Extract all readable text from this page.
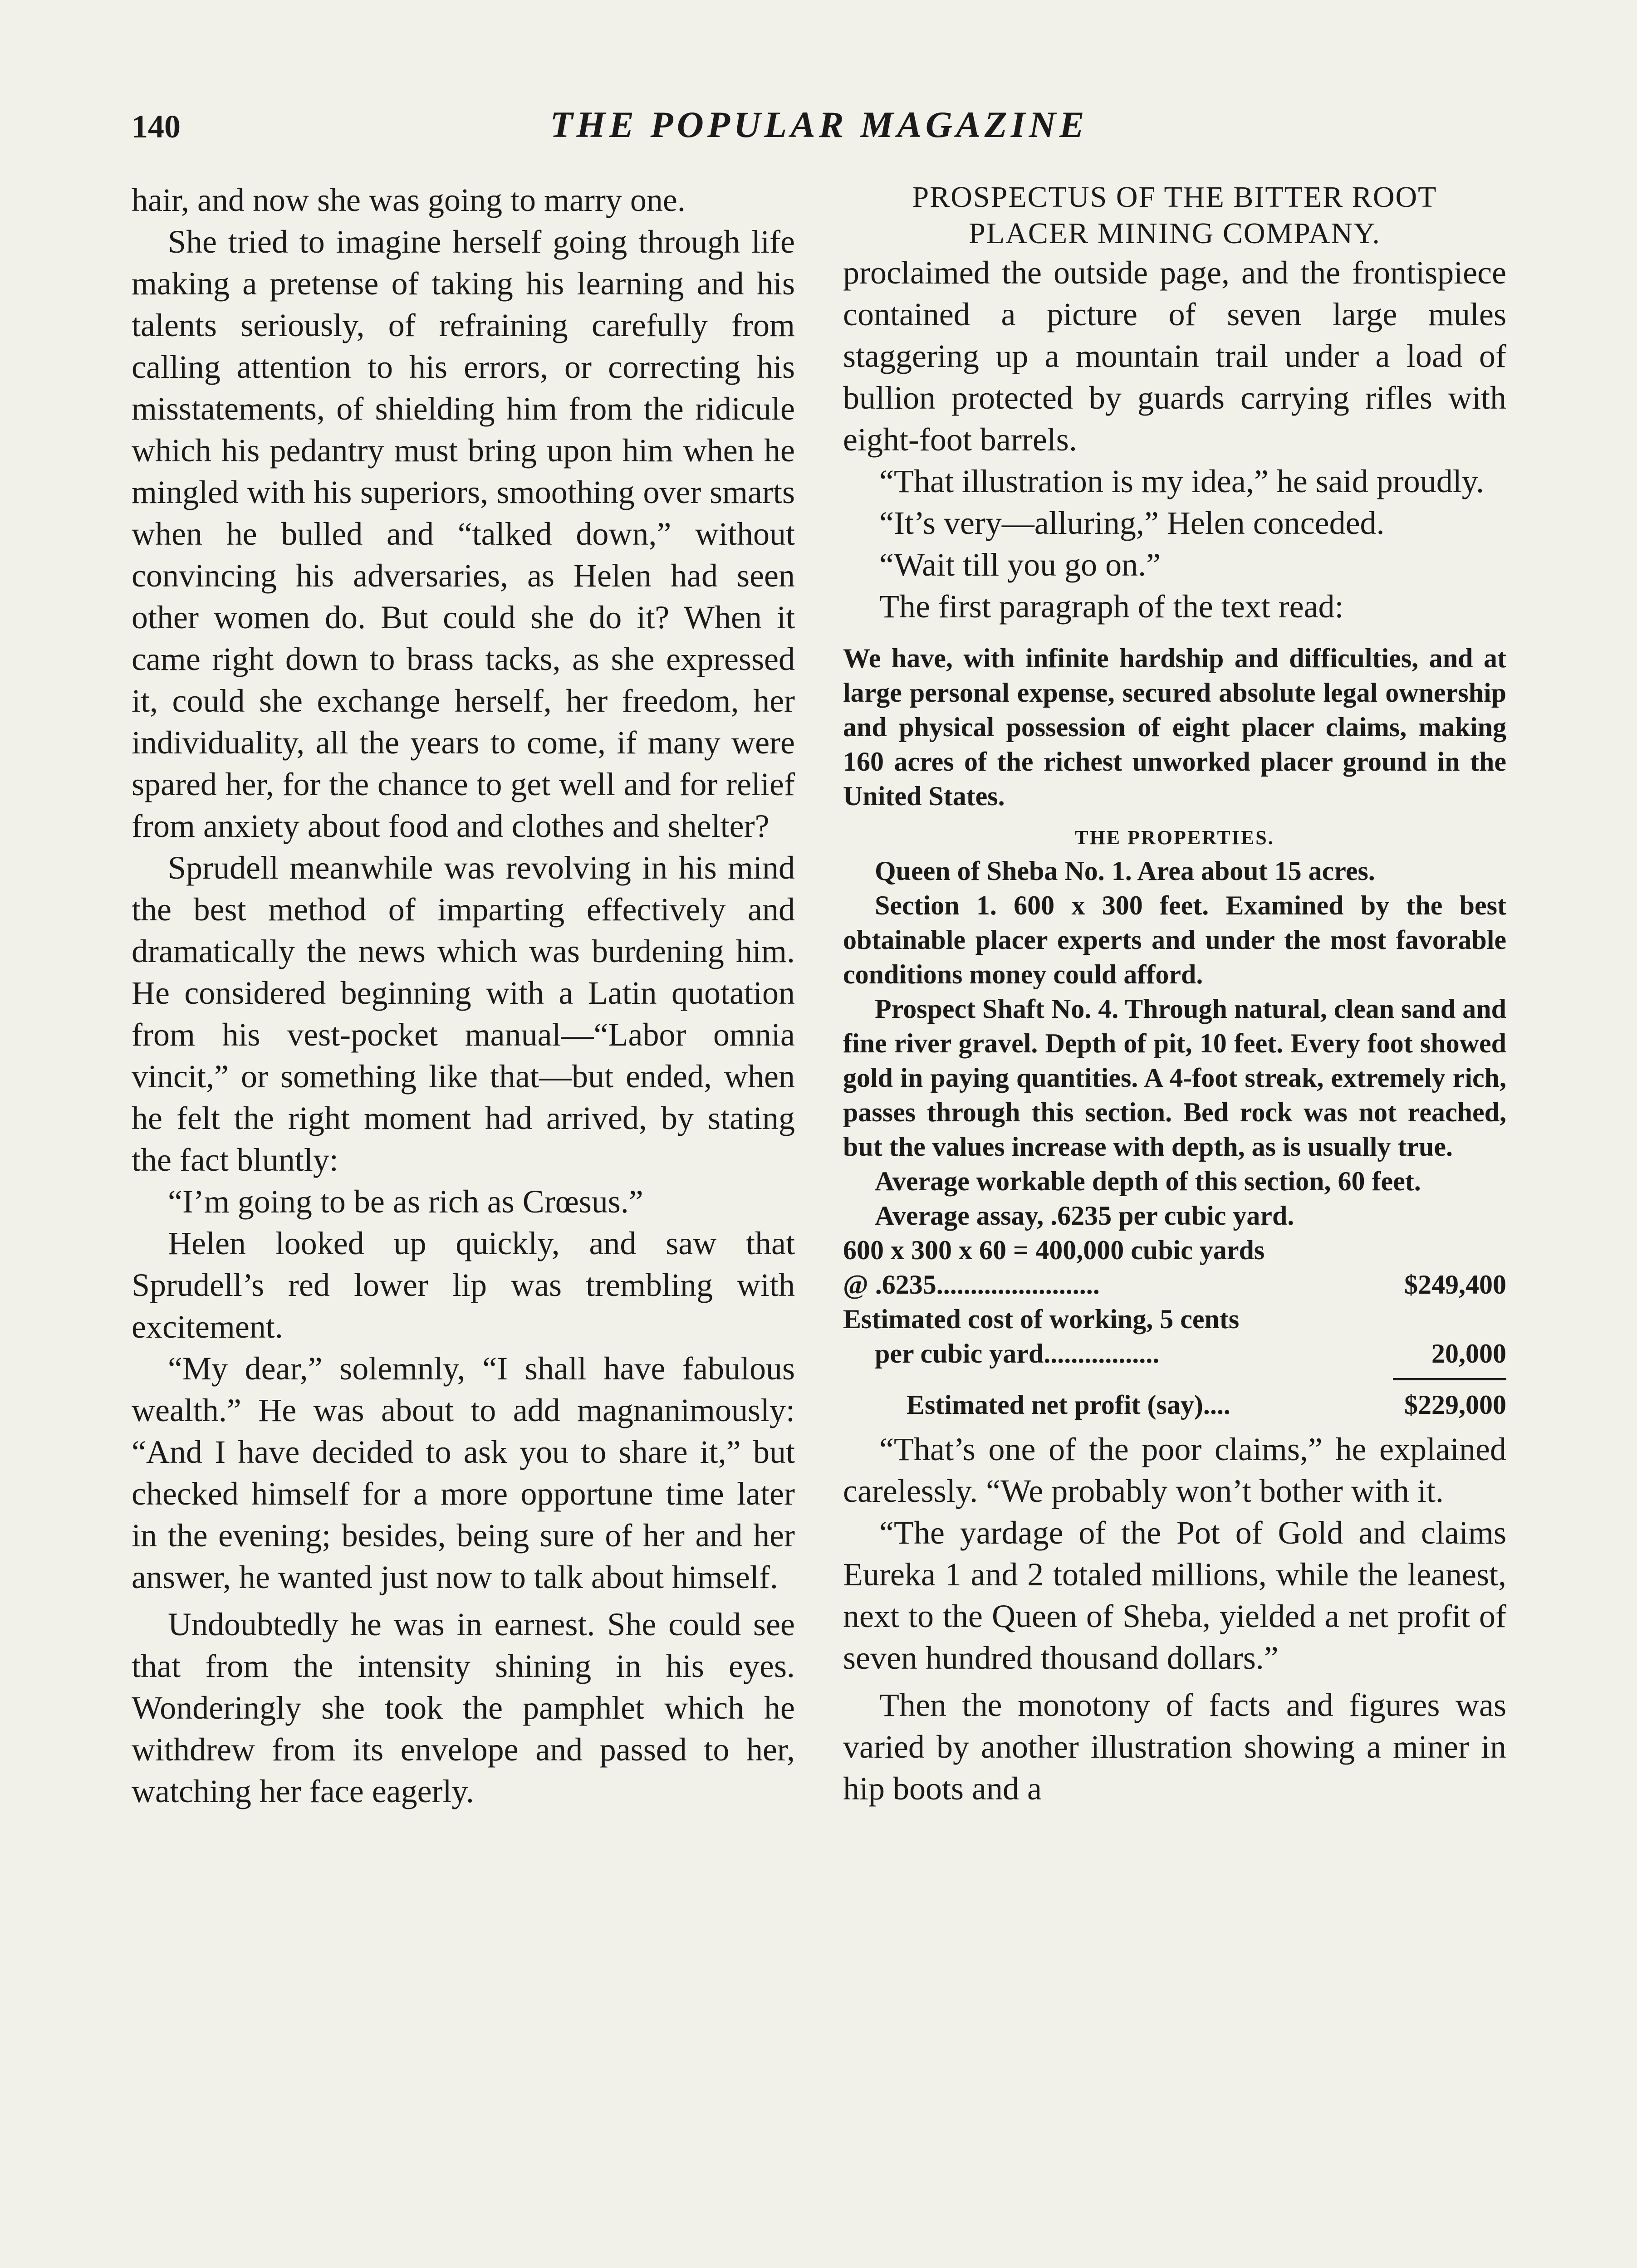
140	THE POPULAR MAGAZINE

hair, and now she was going to marry one.

She tried to imagine herself going through life making a pretense of taking his learning and his talents seriously, of refraining carefully from calling attention to his errors, or correcting his misstatements, of shielding him from the ridicule which his pedantry must bring upon him when he mingled with his superiors, smoothing over smarts when he bulled and “talked down,” without convincing his adversaries, as Helen had seen other women do. But could she do it? When it came right down to brass tacks, as she expressed it, could she exchange herself, her freedom, her individuality, all the years to come, if many were spared her, for the chance to get well and for relief from anxiety about food and clothes and shelter?

Sprudell meanwhile was revolving in his mind the best method of imparting effectively and dramatically the news which was burdening him. He considered beginning with a Latin quotation from his vest-pocket manual—“Labor omnia vincit,” or something like that—but ended, when he felt the right moment had arrived, by stating the fact bluntly:

“I’m going to be as rich as Crœsus.”

Helen looked up quickly, and saw that Sprudell’s red lower lip was trembling with excitement.

“My dear,” solemnly, “I shall have fabulous wealth.” He was about to add magnanimously: “And I have decided to ask you to share it,” but checked himself for a more opportune time later in the evening; besides, being sure of her and her answer, he wanted just now to talk about himself.

Undoubtedly he was in earnest. She could see that from the intensity shining in his eyes. Wonderingly she took the pamphlet which he withdrew from its envelope and passed to her, watching her face eagerly.

PROSPECTUS OF THE BITTER ROOT
PLACER MINING COMPANY.

proclaimed the outside page, and the frontispiece contained a picture of seven large mules staggering up a mountain trail under a load of bullion protected by guards carrying rifles with eight-foot barrels.

“That illustration is my idea,” he said proudly.

“It’s very—alluring,” Helen conceded.

“Wait till you go on.”

The first paragraph of the text read:

We have, with infinite hardship and difficulties, and at large personal expense, secured absolute legal ownership and physical possession of eight placer claims, making 160 acres of the richest unworked placer ground in the United States.

THE PROPERTIES.

Queen of Sheba No. 1. Area about 15 acres.

Section 1. 600 x 300 feet. Examined by the best obtainable placer experts and under the most favorable conditions money could afford.

Prospect Shaft No. 4. Through natural, clean sand and fine river gravel. Depth of pit, 10 feet. Every foot showed gold in paying quantities. A 4-foot streak, extremely rich, passes through this section. Bed rock was not reached, but the values increase with depth, as is usually true.

Average workable depth of this section, 60 feet.

Average assay, .6235 per cubic yard.

600 x 300 x 60 = 400,000 cubic yards

@ .6235........................	$249,400

Estimated cost of working, 5 cents

per cubic yard.................	20,000
Estimated net profit (say)....	$229,000

“That’s one of the poor claims,” he explained carelessly. “We probably won’t bother with it.

“The yardage of the Pot of Gold and claims Eureka 1 and 2 totaled millions, while the leanest, next to the Queen of Sheba, yielded a net profit of seven hundred thousand dollars.”

Then the monotony of facts and figures was varied by another illustration showing a miner in hip boots and a
